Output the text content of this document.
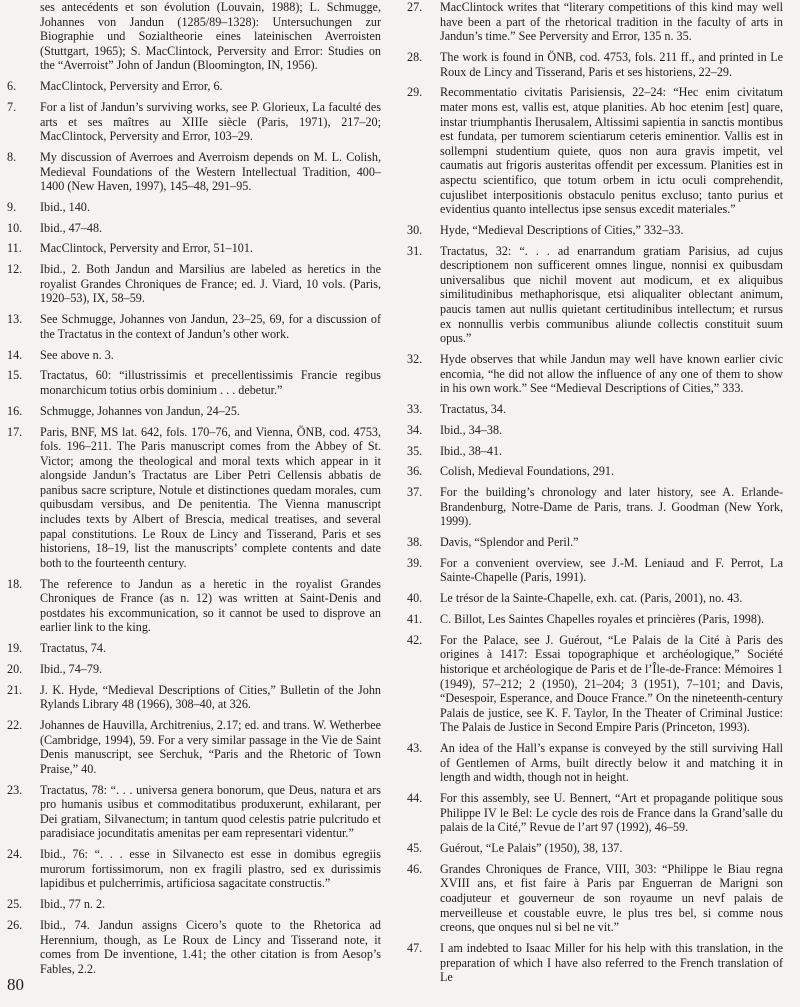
ses antecédents et son évolution (Louvain, 1988); L. Schmugge, Johannes von Jandun (1285/89–1328): Untersuchungen zur Biographie und Sozialtheorie eines lateinischen Averroisten (Stuttgart, 1965); S. MacClintock, Perversity and Error: Studies on the “Averroist” John of Jandun (Bloomington, IN, 1956).
6.	MacClintock, Perversity and Error, 6.
7.	For a list of Jandun’s surviving works, see P. Glorieux, La faculté des arts et ses maîtres au XIIIe siècle (Paris, 1971), 217–20; MacClintock, Perversity and Error, 103–29.
8.	My discussion of Averroes and Averroism depends on M. L. Colish, Medieval Foundations of the Western Intellectual Tradition, 400–1400 (New Haven, 1997), 145–48, 291–95.
9.	Ibid., 140.
10.	Ibid., 47–48.
11.	MacClintock, Perversity and Error, 51–101.
12.	Ibid., 2. Both Jandun and Marsilius are labeled as heretics in the royalist Grandes Chroniques de France; ed. J. Viard, 10 vols. (Paris, 1920–53), IX, 58–59.
13.	See Schmugge, Johannes von Jandun, 23–25, 69, for a discussion of the Tractatus in the context of Jandun’s other work.
14.	See above n. 3.
15.	Tractatus, 60: “illustrissimis et precellentissimis Francie regibus monarchicum totius orbis dominium . . . debetur.”
16.	Schmugge, Johannes von Jandun, 24–25.
17.	Paris, BNF, MS lat. 642, fols. 170–76, and Vienna, ÖNB, cod. 4753, fols. 196–211. The Paris manuscript comes from the Abbey of St. Victor; among the theological and moral texts which appear in it alongside Jandun’s Tractatus are Liber Petri Cellensis abbatis de panibus sacre scripture, Notule et distinctiones quedam morales, cum quibusdam versibus, and De penitentia. The Vienna manuscript includes texts by Albert of Brescia, medical treatises, and several papal constitutions. Le Roux de Lincy and Tisserand, Paris et ses historiens, 18–19, list the manuscripts’ complete contents and date both to the fourteenth century.
18.	The reference to Jandun as a heretic in the royalist Grandes Chroniques de France (as n. 12) was written at Saint-Denis and postdates his excommunication, so it cannot be used to disprove an earlier link to the king.
19.	Tractatus, 74.
20.	Ibid., 74–79.
21.	J. K. Hyde, “Medieval Descriptions of Cities,” Bulletin of the John Rylands Library 48 (1966), 308–40, at 326.
22.	Johannes de Hauvilla, Architrenius, 2.17; ed. and trans. W. Wetherbee (Cambridge, 1994), 59. For a very similar passage in the Vie de Saint Denis manuscript, see Serchuk, “Paris and the Rhetoric of Town Praise,” 40.
23.	Tractatus, 78: “. . . universa genera bonorum, que Deus, natura et ars pro humanis usibus et commoditatibus produxerunt, exhilarant, per Dei gratiam, Silvanectum; in tantum quod celestis patrie pulcritudo et paradisiace jocunditatis amenitas per eam representari videntur.”
24.	Ibid., 76: “. . . esse in Silvanecto est esse in domibus egregiis murorum fortissimorum, non ex fragili plastro, sed ex durissimis lapidibus et pulcherrimis, artificiosa sagacitate constructis.”
25.	Ibid., 77 n. 2.
26.	Ibid., 74. Jandun assigns Cicero’s quote to the Rhetorica ad Herennium, though, as Le Roux de Lincy and Tisserand note, it comes from De inventione, 1.41; the other citation is from Aesop’s Fables, 2.2.
27.	MacClintock writes that “literary competitions of this kind may well have been a part of the rhetorical tradition in the faculty of arts in Jandun’s time.” See Perversity and Error, 135 n. 35.
28.	The work is found in ÖNB, cod. 4753, fols. 211 ff., and printed in Le Roux de Lincy and Tisserand, Paris et ses historiens, 22–29.
29.	Recommentatio civitatis Parisiensis, 22–24: “Hec enim civitatum mater mons est, vallis est, atque planities. Ab hoc etenim [est] quare, instar triumphantis Iherusalem, Altissimi sapientia in sanctis montibus est fundata, per tumorem scientiarum ceteris eminentior. Vallis est in sollempni studentium quiete, quos non aura gravis impetit, vel caumatis aut frigoris austeritas offendit per excessum. Planities est in aspectu scientifico, que totum orbem in ictu oculi comprehendit, cujuslibet interpositionis obstaculo penitus excluso; tanto purius et evidentius quanto intellectus ipse sensus excedit materiales.”
30.	Hyde, “Medieval Descriptions of Cities,” 332–33.
31.	Tractatus, 32: “. . . ad enarrandum gratiam Parisius, ad cujus descriptionem non sufficerent omnes lingue, nonnisi ex quibusdam universalibus que nichil movent aut modicum, et ex aliquibus similitudinibus methaphorisque, etsi aliqualiter oblectant animum, paucis tamen aut nullis quietant certitudinibus intellectum; et rursus ex nonnullis verbis communibus aliunde collectis constituit suum opus.”
32.	Hyde observes that while Jandun may well have known earlier civic encomia, “he did not allow the influence of any one of them to show in his own work.” See “Medieval Descriptions of Cities,” 333.
33.	Tractatus, 34.
34.	Ibid., 34–38.
35.	Ibid., 38–41.
36.	Colish, Medieval Foundations, 291.
37.	For the building’s chronology and later history, see A. Erlande-Brandenburg, Notre-Dame de Paris, trans. J. Goodman (New York, 1999).
38.	Davis, “Splendor and Peril.”
39.	For a convenient overview, see J.-M. Leniaud and F. Perrot, La Sainte-Chapelle (Paris, 1991).
40.	Le trésor de la Sainte-Chapelle, exh. cat. (Paris, 2001), no. 43.
41.	C. Billot, Les Saintes Chapelles royales et princières (Paris, 1998).
42.	For the Palace, see J. Guérout, “Le Palais de la Cité à Paris des origines à 1417: Essai topographique et archéologique,” Société historique et archéologique de Paris et de l’Île-de-France: Mémoires 1 (1949), 57–212; 2 (1950), 21–204; 3 (1951), 7–101; and Davis, “Desespoir, Esperance, and Douce France.” On the nineteenth-century Palais de justice, see K. F. Taylor, In the Theater of Criminal Justice: The Palais de Justice in Second Empire Paris (Princeton, 1993).
43.	An idea of the Hall’s expanse is conveyed by the still surviving Hall of Gentlemen of Arms, built directly below it and matching it in length and width, though not in height.
44.	For this assembly, see U. Bennert, “Art et propagande politique sous Philippe IV le Bel: Le cycle des rois de France dans la Grand’salle du palais de la Cité,” Revue de l’art 97 (1992), 46–59.
45.	Guérout, “Le Palais” (1950), 38, 137.
46.	Grandes Chroniques de France, VIII, 303: “Philippe le Biau regna XVIII ans, et fist faire à Paris par Enguerran de Marigni son coadjuteur et gouverneur de son royaume un nevf palais de merveilleuse et coustable euvre, le plus tres bel, si comme nous creons, que onques nul si bel ne vit.”
47.	I am indebted to Isaac Miller for his help with this translation, in the preparation of which I have also referred to the French translation of Le
80
